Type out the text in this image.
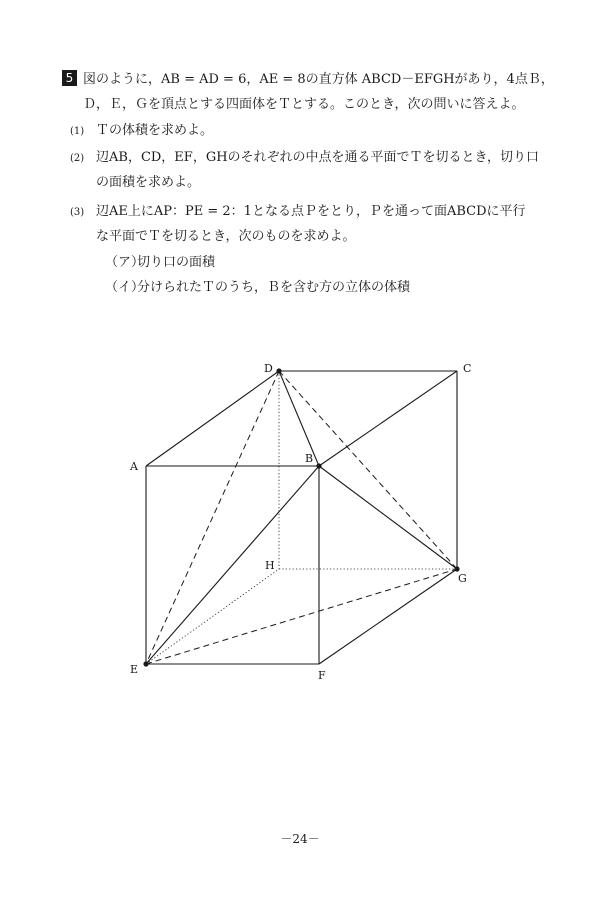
5 図のように，AB = AD = 6，AE = 8の直方体 ABCD－EFGHがあり，4点Ｂ，
Ｄ，Ｅ，Ｇを頂点とする四面体をＴとする。このとき，次の問いに答えよ。
(1) Ｔの体積を求めよ。
(2) 辺AB，CD，EF，GHのそれぞれの中点を通る平面でＴを切るとき，切り口
の面積を求めよ。
(3) 辺AE上にAP：PE = 2：1となる点Ｐをとり，Ｐを通って面ABCDに平行
な平面でＴを切るとき，次のものを求めよ。
（ア）切り口の面積
（イ）分けられたＴのうち，Ｂを含む方の立体の体積
D	C
A
B
H
G
E	F
－24－
